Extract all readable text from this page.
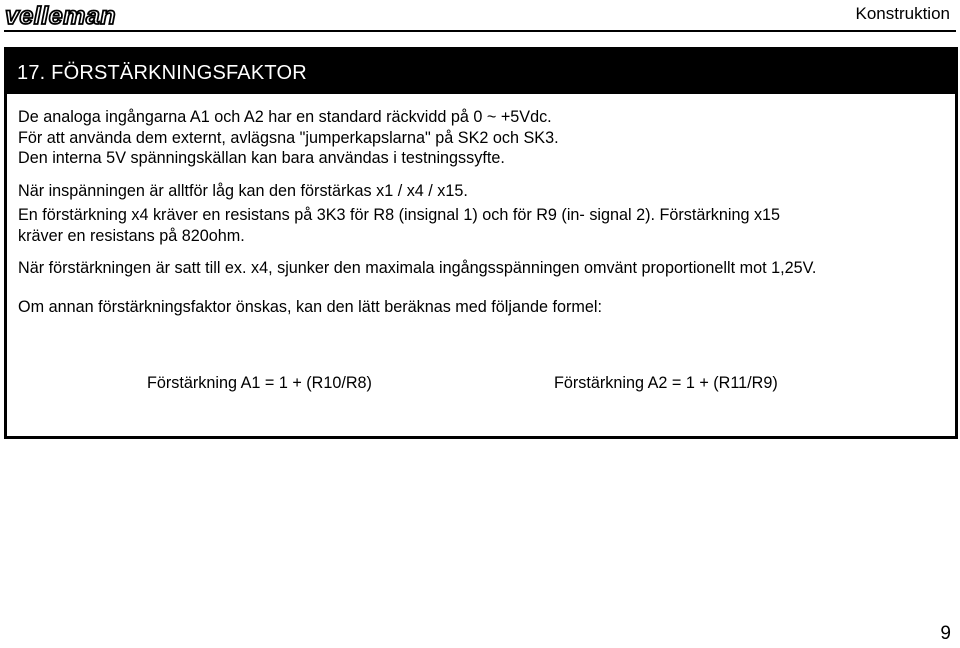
velleman	Konstruktion
17. FÖRSTÄRKNINGSFAKTOR

De analoga ingångarna A1 och A2 har en standard räckvidd på 0 ~ +5Vdc.

För att använda dem externt, avlägsna "jumperkapslarna" på SK2 och SK3.

Den interna 5V spänningskällan kan bara användas i testningssyfte.

När inspänningen är alltför låg kan den förstärkas x1 / x4 / x15.

En förstärkning x4 kräver en resistans på 3K3 för R8 (insignal 1) och för R9 (in- signal 2). Förstärkning x15

kräver en resistans på 820ohm.

När förstärkningen är satt till ex. x4, sjunker den maximala ingångsspänningen omvänt proportionellt mot 1,25V.

Om annan förstärkningsfaktor önskas, kan den lätt beräknas med följande formel:

Förstärkning A1 = 1 + (R10/R8)	Förstärkning A2 = 1 + (R11/R9)
9
